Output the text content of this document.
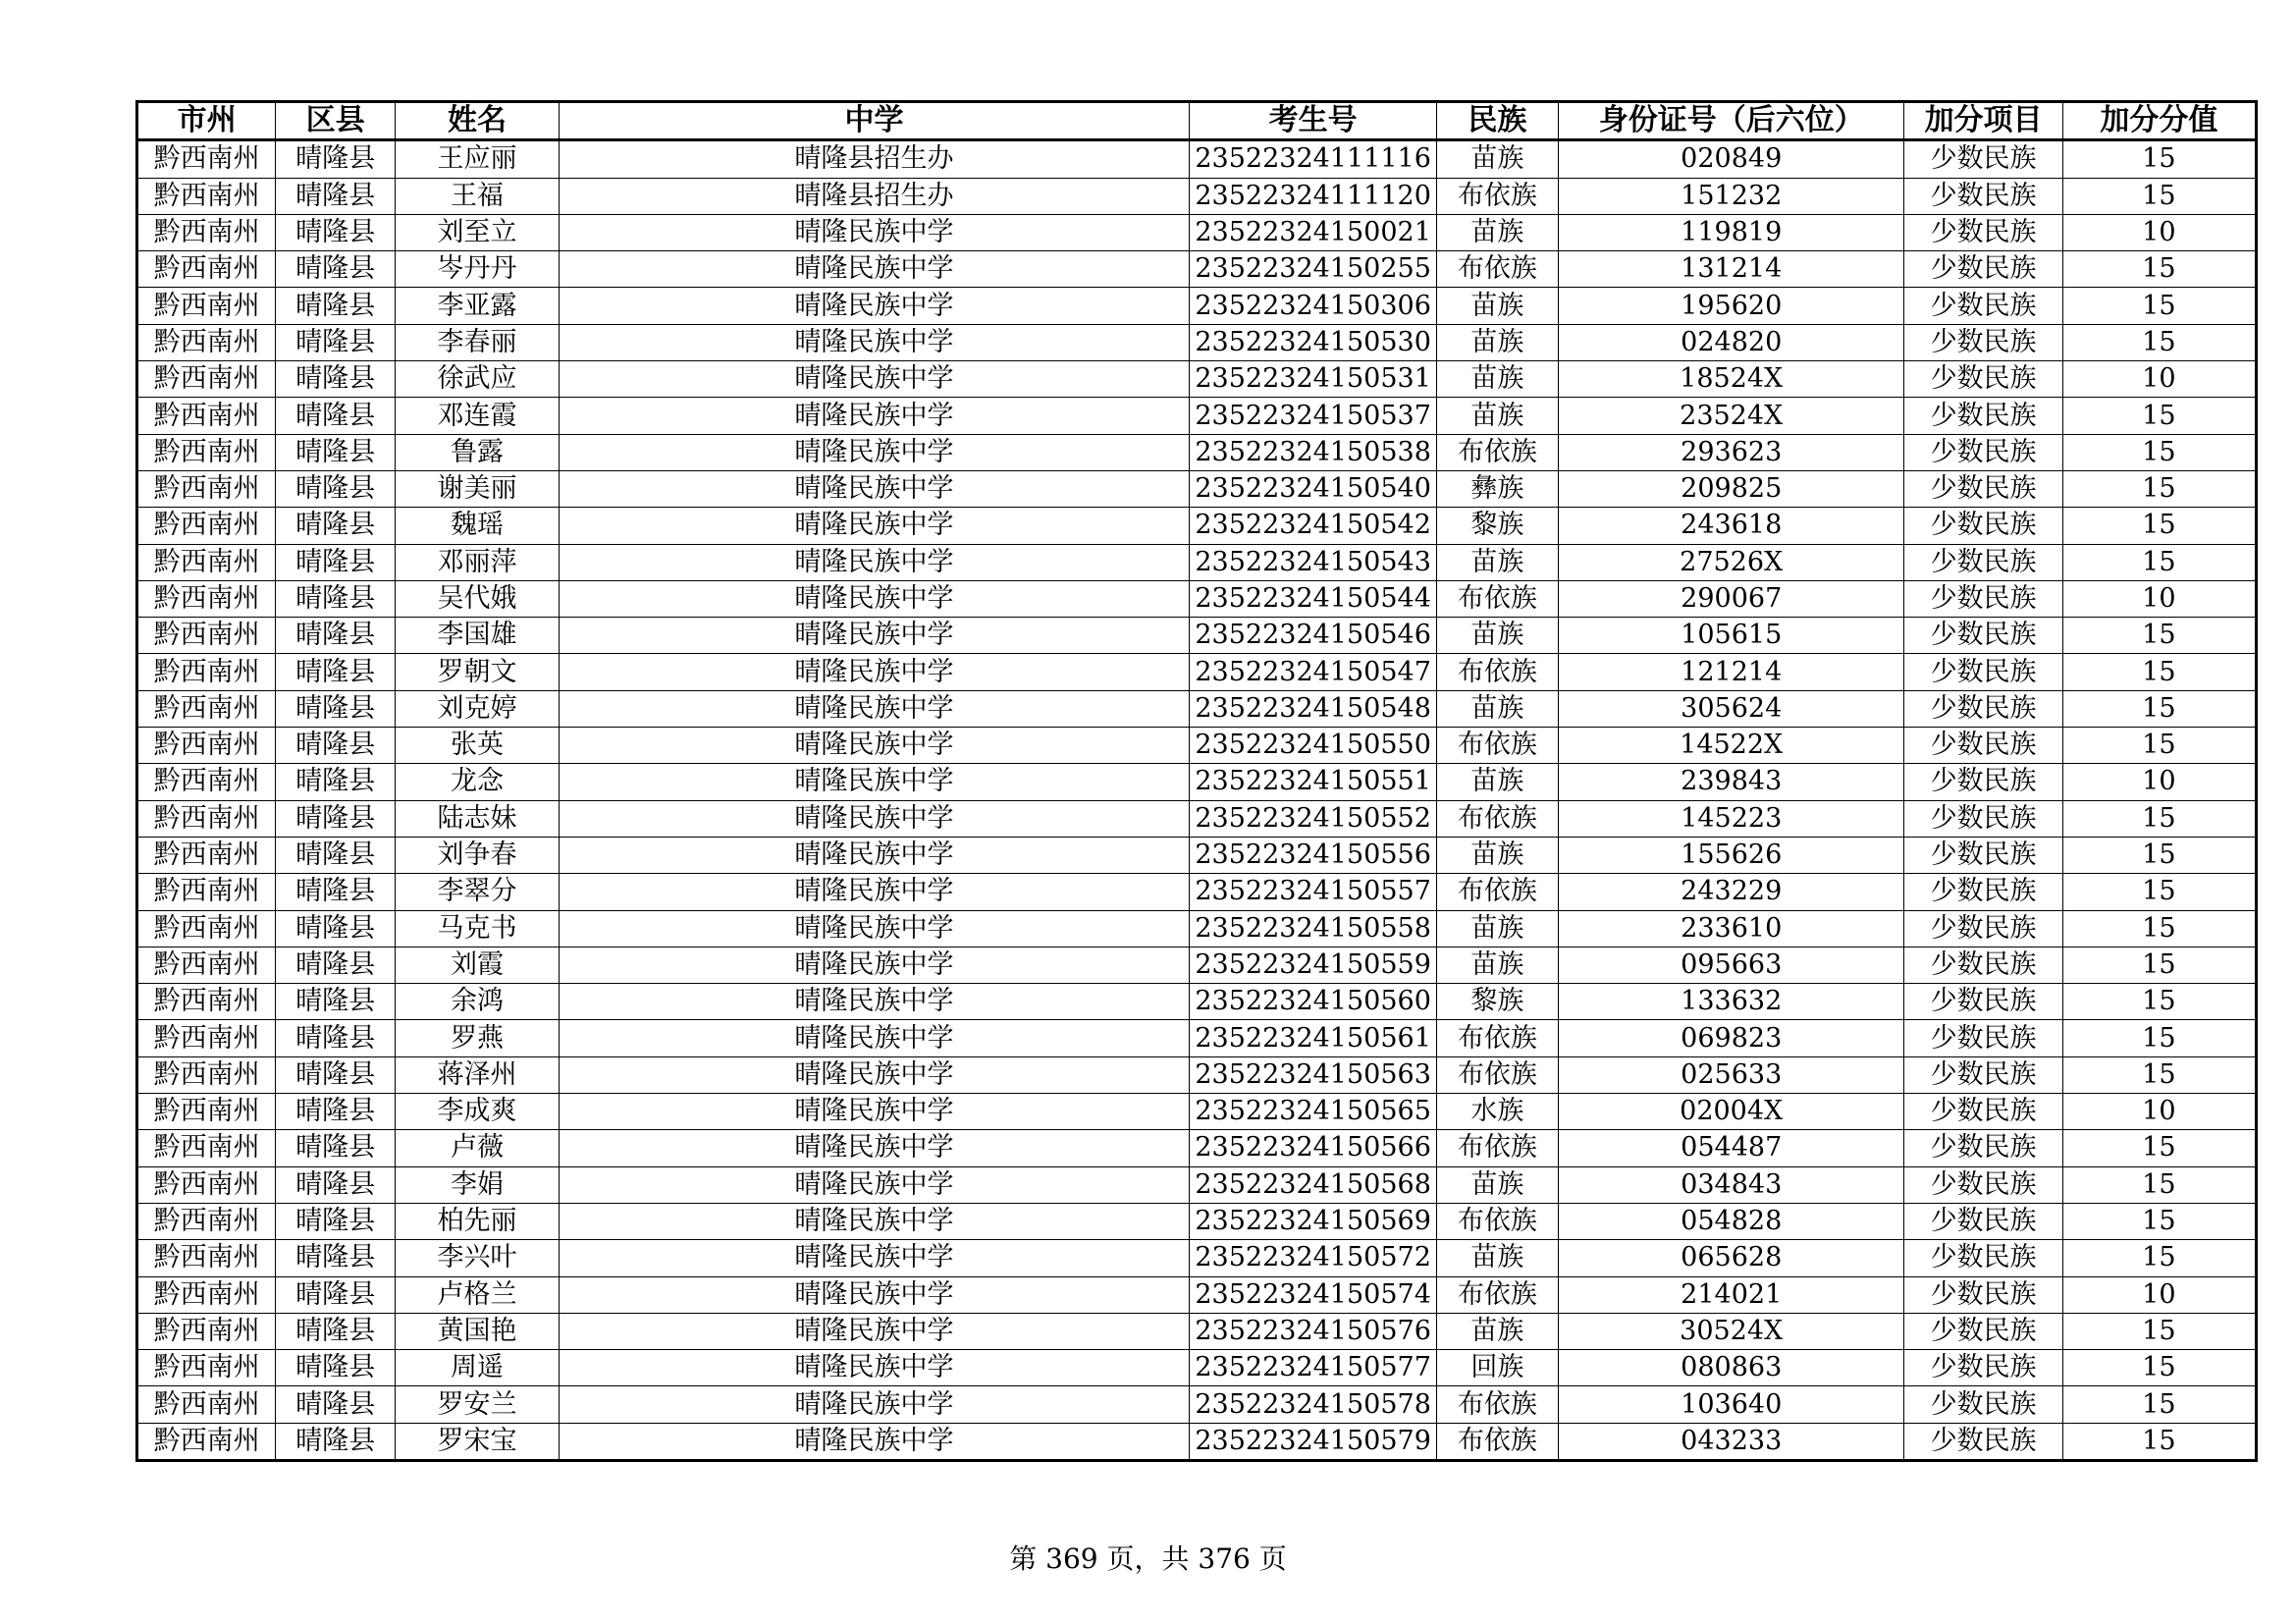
市州	区县	姓名	中学	考生号	民族	身份证号（后六位）	加分项目	加分分值
黔西南州	晴隆县	王应丽	晴隆县招生办	23522324111116	苗族	020849	少数民族	15
黔西南州	晴隆县	王福	晴隆县招生办	23522324111120	布依族	151232	少数民族	15
黔西南州	晴隆县	刘至立	晴隆民族中学	23522324150021	苗族	119819	少数民族	10
黔西南州	晴隆县	岑丹丹	晴隆民族中学	23522324150255	布依族	131214	少数民族	15
黔西南州	晴隆县	李亚露	晴隆民族中学	23522324150306	苗族	195620	少数民族	15
黔西南州	晴隆县	李春丽	晴隆民族中学	23522324150530	苗族	024820	少数民族	15
黔西南州	晴隆县	徐武应	晴隆民族中学	23522324150531	苗族	18524X	少数民族	10
黔西南州	晴隆县	邓连霞	晴隆民族中学	23522324150537	苗族	23524X	少数民族	15
黔西南州	晴隆县	鲁露	晴隆民族中学	23522324150538	布依族	293623	少数民族	15
黔西南州	晴隆县	谢美丽	晴隆民族中学	23522324150540	彝族	209825	少数民族	15
黔西南州	晴隆县	魏瑶	晴隆民族中学	23522324150542	黎族	243618	少数民族	15
黔西南州	晴隆县	邓丽萍	晴隆民族中学	23522324150543	苗族	27526X	少数民族	15
黔西南州	晴隆县	吴代娥	晴隆民族中学	23522324150544	布依族	290067	少数民族	10
黔西南州	晴隆县	李国雄	晴隆民族中学	23522324150546	苗族	105615	少数民族	15
黔西南州	晴隆县	罗朝文	晴隆民族中学	23522324150547	布依族	121214	少数民族	15
黔西南州	晴隆县	刘克婷	晴隆民族中学	23522324150548	苗族	305624	少数民族	15
黔西南州	晴隆县	张英	晴隆民族中学	23522324150550	布依族	14522X	少数民族	15
黔西南州	晴隆县	龙念	晴隆民族中学	23522324150551	苗族	239843	少数民族	10
黔西南州	晴隆县	陆志妹	晴隆民族中学	23522324150552	布依族	145223	少数民族	15
黔西南州	晴隆县	刘争春	晴隆民族中学	23522324150556	苗族	155626	少数民族	15
黔西南州	晴隆县	李翠分	晴隆民族中学	23522324150557	布依族	243229	少数民族	15
黔西南州	晴隆县	马克书	晴隆民族中学	23522324150558	苗族	233610	少数民族	15
黔西南州	晴隆县	刘霞	晴隆民族中学	23522324150559	苗族	095663	少数民族	15
黔西南州	晴隆县	余鸿	晴隆民族中学	23522324150560	黎族	133632	少数民族	15
黔西南州	晴隆县	罗燕	晴隆民族中学	23522324150561	布依族	069823	少数民族	15
黔西南州	晴隆县	蒋泽州	晴隆民族中学	23522324150563	布依族	025633	少数民族	15
黔西南州	晴隆县	李成爽	晴隆民族中学	23522324150565	水族	02004X	少数民族	10
黔西南州	晴隆县	卢薇	晴隆民族中学	23522324150566	布依族	054487	少数民族	15
黔西南州	晴隆县	李娟	晴隆民族中学	23522324150568	苗族	034843	少数民族	15
黔西南州	晴隆县	柏先丽	晴隆民族中学	23522324150569	布依族	054828	少数民族	15
黔西南州	晴隆县	李兴叶	晴隆民族中学	23522324150572	苗族	065628	少数民族	15
黔西南州	晴隆县	卢格兰	晴隆民族中学	23522324150574	布依族	214021	少数民族	10
黔西南州	晴隆县	黄国艳	晴隆民族中学	23522324150576	苗族	30524X	少数民族	15
黔西南州	晴隆县	周遥	晴隆民族中学	23522324150577	回族	080863	少数民族	15
黔西南州	晴隆县	罗安兰	晴隆民族中学	23522324150578	布依族	103640	少数民族	15
黔西南州	晴隆县	罗宋宝	晴隆民族中学	23522324150579	布依族	043233	少数民族	15
第 369 页，共 376 页
